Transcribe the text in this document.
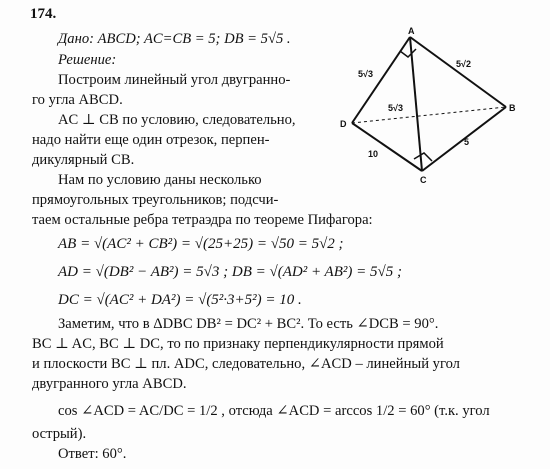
174.
Дано: ABCD; AC=CB = 5; DB = 5√5 .
Решение:
Построим линейный угол двугранно-
го угла ABCD.
AC ⊥ CB по условию, следовательно,
надо найти еще один отрезок, перпен-
дикулярный CB.
Нам по условию даны несколько
прямоугольных треугольников; подсчи-
таем остальные ребра тетраэдра по теореме Пифагора:
AB = √(AC² + CB²) = √(25+25) = √50 = 5√2 ;
AD = √(DB² − AB²) = 5√3 ; DB = √(AD² + AB²) = 5√5 ;
DC = √(AC² + DA²) = √(5²·3+5²) = 10 .
Заметим, что в ΔDBC DB² = DC² + BC². То есть ∠DCB = 90°.
BC ⊥ AC, BC ⊥ DC, то по признаку перпендикулярности прямой
и плоскости BC ⊥ пл. ADC, следовательно, ∠ACD – линейный угол
двугранного угла ABCD.
cos ∠ACD = AC/DC = 1/2 , отсюда ∠ACD = arccos 1/2 = 60° (т.к. угол
острый).
Ответ: 60°.
A
B
C
D
5√3
5√2
5√3
10
5
